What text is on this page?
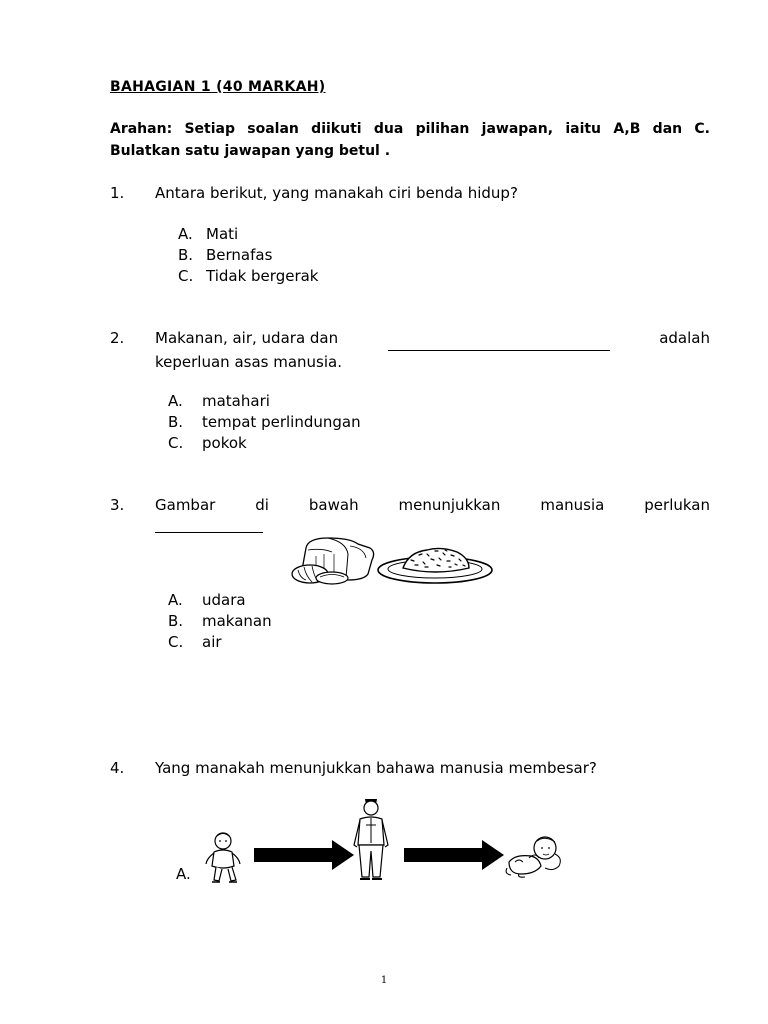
BAHAGIAN 1 (40 MARKAH)
Arahan: Setiap soalan diikuti dua pilihan jawapan, iaitu A,B dan C.
Bulatkan satu jawapan yang betul .
1. Antara berikut, yang manakah ciri benda hidup?
A. Mati
B. Bernafas
C. Tidak bergerak
2. Makanan, air, udara dan
	adalah
keperluan asas manusia.
A. matahari
B. tempat perlindungan
C. pokok
3. Gambar di bawah menunjukkan manusia perlukan
A. udara
B. makanan
C. air
4. Yang manakah menunjukkan bahawa manusia membesar?
A.
1
